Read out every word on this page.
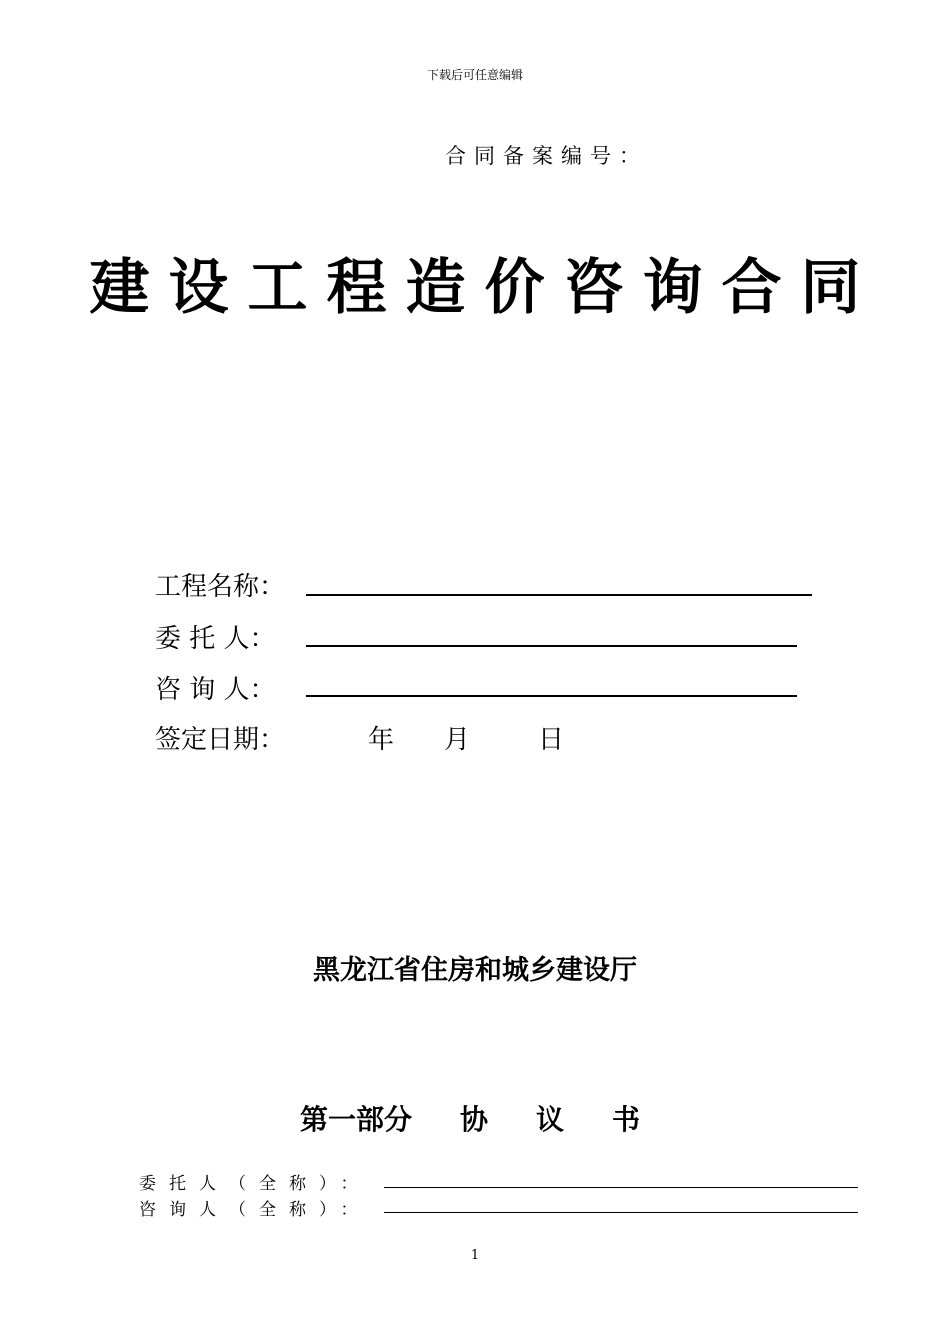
下载后可任意编辑
合同备案编号：
建设工程造价咨询合同
工程名称：
委 托 人：
咨 询 人：
签定日期：	年 月	日
黑龙江省住房和城乡建设厅
第一部分 协 议 书
委托人（全称）：
咨询人（全称）：
1
